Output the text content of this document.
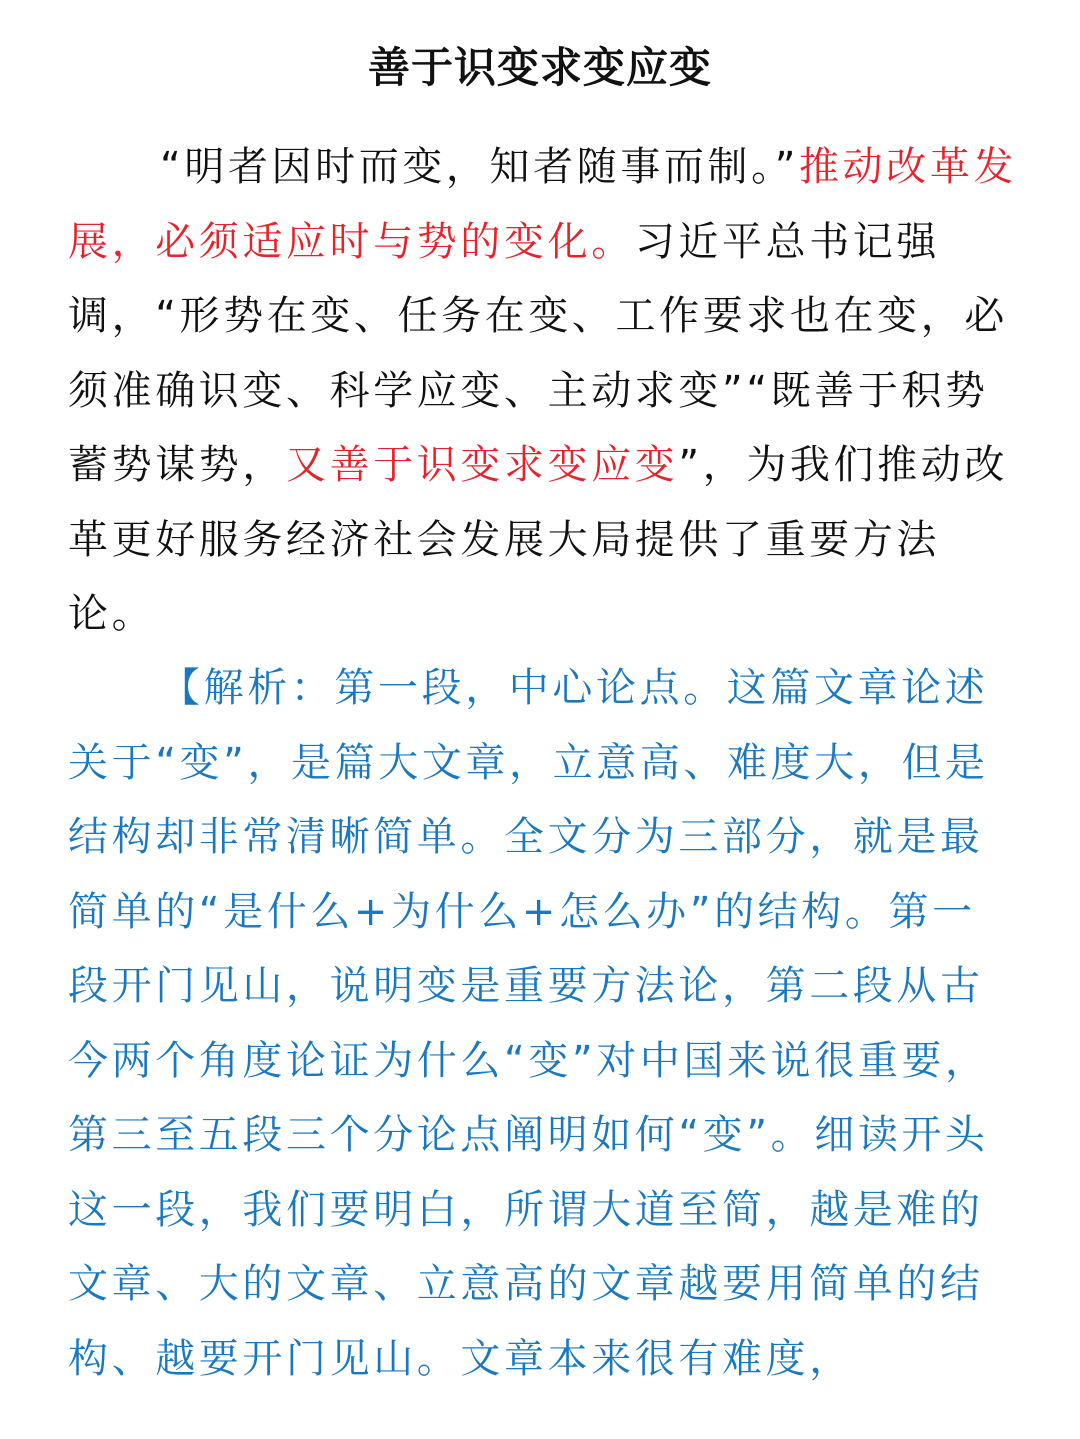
善于识变求变应变

“明者因时而变，知者随事而制。”推动改革发展，必须适应时与势的变化。习近平总书记强调，“形势在变、任务在变、工作要求也在变，必须准确识变、科学应变、主动求变”“既善于积势蓄势谋势，又善于识变求变应变”，为我们推动改革更好服务经济社会发展大局提供了重要方法论。

【解析：第一段，中心论点。这篇文章论述关于“变”，是篇大文章，立意高、难度大，但是结构却非常清晰简单。全文分为三部分，就是最简单的“是什么+为什么+怎么办”的结构。第一段开门见山，说明变是重要方法论，第二段从古今两个角度论证为什么“变”对中国来说很重要，第三至五段三个分论点阐明如何“变”。细读开头这一段，我们要明白，所谓大道至简，越是难的文章、大的文章、立意高的文章越要用简单的结构、越要开门见山。文章本来很有难度，
